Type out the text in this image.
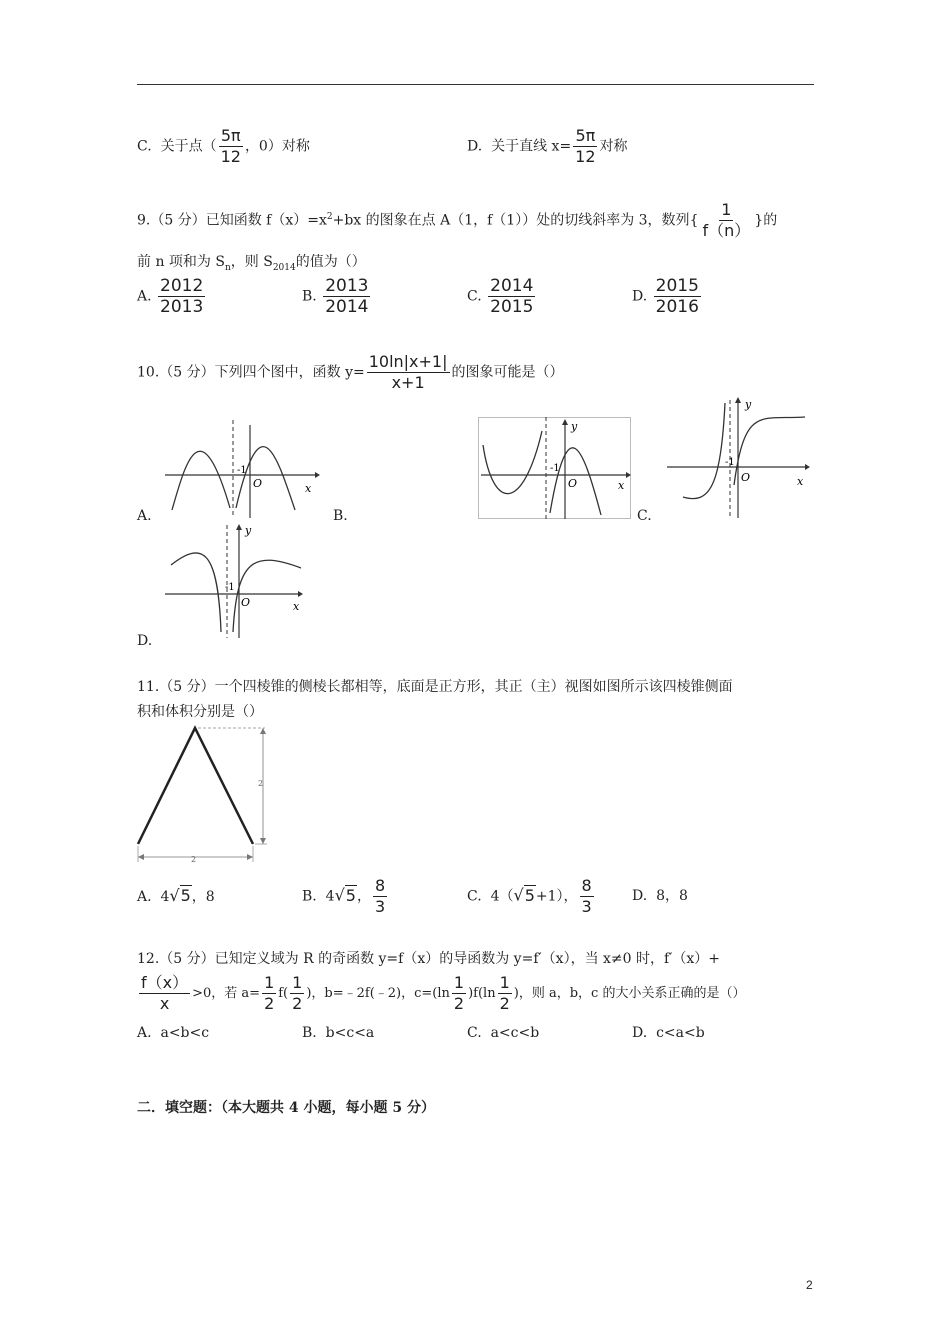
C. 关于点（ $\frac{5\pi}{12}$ ，0）对称	D. 关于直线 $x= \frac{5\pi}{12}$ 对称
9.（5 分）已知函数 $f(x)=x^2+bx$ 的图象在点 A（1，f（1））处的切线斜率为 3，数列{ $\frac{1}{f(n)}$ }的
前 n 项和为 $S_n$，则 $S_{2014}$的值为（）
A. $\frac{2012}{2013}$	B. $\frac{2013}{2014}$	C. $\frac{2014}{2015}$	D. $\frac{2015}{2016}$
10.（5 分）下列四个图中，函数 $y= \frac{10\ln|x+1|}{x+1}$ 的图象可能是（）
-1
O	x
A.	B.
-1
O
y
x
-1
O
y
x
C.
-1
O
y
x
D.
11.（5 分）一个四棱锥的侧棱长都相等，底面是正方形，其正（主）视图如图所示该四棱锥侧面
积和体积分别是（）
2
2
A. 4√5，8	B. 4√5， $\frac{8}{3}$	C. 4（√5+1）， $\frac{8}{3}$	D. 8，8
12.（5 分）已知定义域为 R 的奇函数 y=f（x）的导函数为 y=f′（x），当 x≠0 时，f′（x）+
$\frac{f(x)}{x} >0$，若 $a= \frac{1}{2} f( \frac{1}{2}$ )，b=﹣2f(﹣2)，$c=(\ln \frac{1}{2} )f(\ln \frac{1}{2}$ )，则 a，b，c 的大小关系正确的是（）
A. a<b<c	B. b<c<a	C. a<c<b	D. c<a<b
二．填空题：（本大题共 4 小题，每小题 5 分）
2
